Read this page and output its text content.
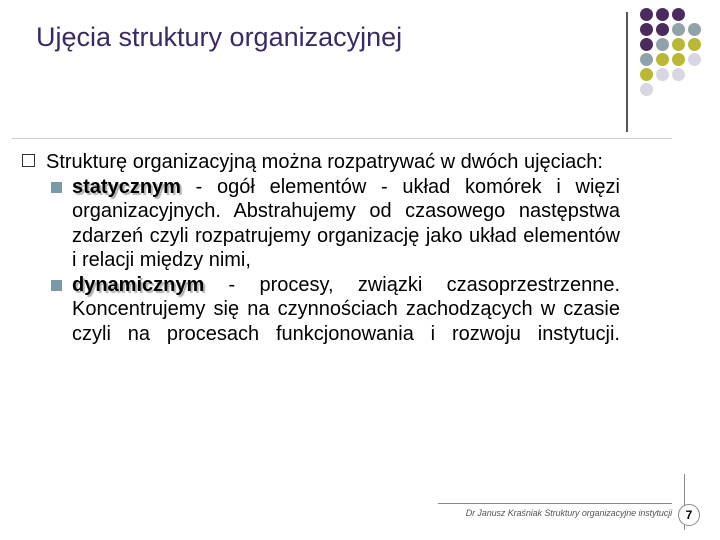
Ujęcia struktury organizacyjnej
Strukturę organizacyjną można rozpatrywać w dwóch ujęciach:
statycznym - ogół elementów - układ komórek i więzi organizacyjnych. Abstrahujemy od czasowego następstwa zdarzeń czyli rozpatrujemy organizację jako układ elementów i relacji między nimi,
dynamicznym - procesy, związki czasoprzestrzenne. Koncentrujemy się na czynnościach zachodzących w czasie czyli na procesach funkcjonowania i rozwoju instytucji.
Dr Janusz Kraśniak Struktury organizacyjne instytucji	7
